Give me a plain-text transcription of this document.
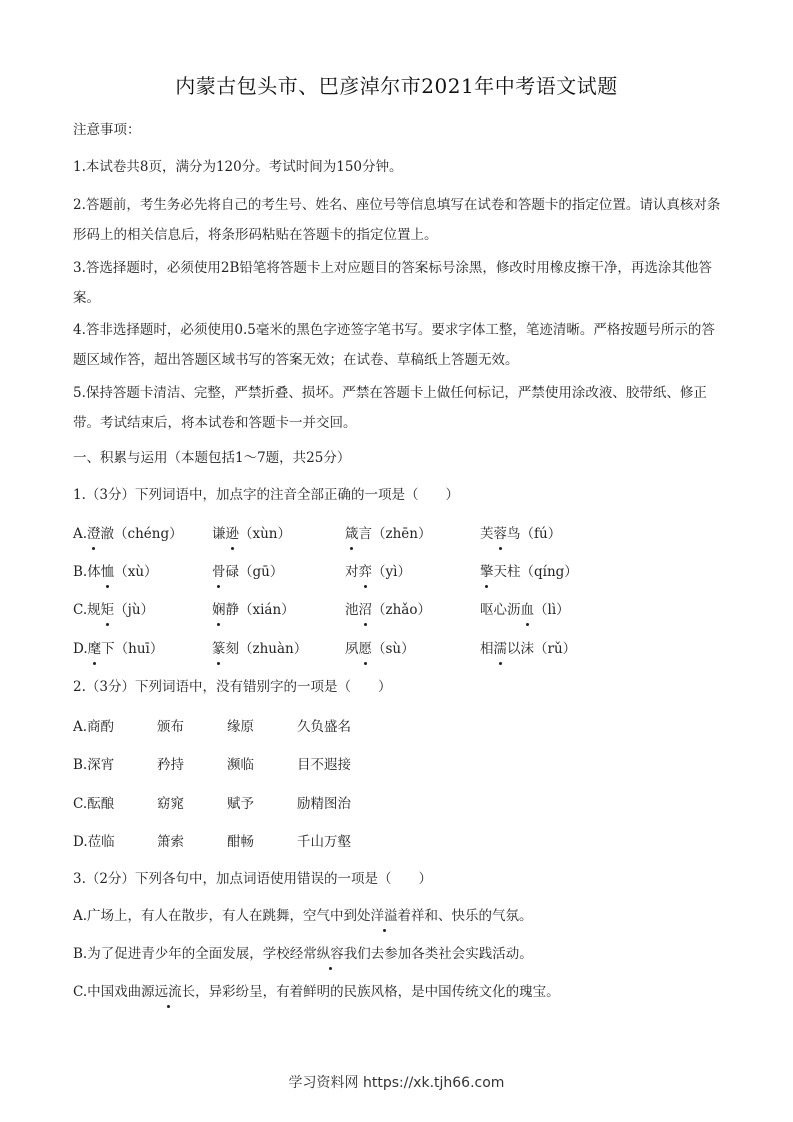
内蒙古包头市、巴彦淖尔市2021年中考语文试题
注意事项：
1.本试卷共8页，满分为120分。考试时间为150分钟。
2.答题前，考生务必先将自己的考生号、姓名、座位号等信息填写在试卷和答题卡的指定位置。请认真核对条形码上的相关信息后，将条形码粘贴在答题卡的指定位置上。
3.答选择题时，必须使用2B铅笔将答题卡上对应题目的答案标号涂黑，修改时用橡皮擦干净，再选涂其他答案。
4.答非选择题时，必须使用0.5毫米的黑色字迹签字笔书写。要求字体工整，笔迹清晰。严格按题号所示的答题区域作答，超出答题区域书写的答案无效；在试卷、草稿纸上答题无效。
5.保持答题卡清洁、完整，严禁折叠、损坏。严禁在答题卡上做任何标记，严禁使用涂改液、胶带纸、修正带。考试结束后，将本试卷和答题卡一并交回。
一、积累与运用（本题包括1～7题，共25分）
1.（3分）下列词语中，加点字的注音全部正确的一项是（　　）
A.澄澈（chéng） 谦逊（xùn）	箴言（zhēn）	芙蓉鸟（fú）
B.体恤（xù）	骨碌（gū）	对弈（yì）	擎天柱（qíng）
C.规矩（jù）	娴静（xián）	池沼（zhǎo）	呕心沥血（lì）
D.麾下（huī）	篆刻（zhuàn）	夙愿（sù）	相濡以沫（rǔ）
2.（3分）下列词语中，没有错别字的一项是（　　）
A.商酌	颁布	缘原	久负盛名
B.深宵	矜持	濒临	目不遐接
C.酝酿	窈窕	赋予	励精图治
D.莅临	箫索	酣畅	千山万壑
3.（2分）下列各句中，加点词语使用错误的一项是（　　）
A.广场上，有人在散步，有人在跳舞，空气中到处洋溢着祥和、快乐的气氛。
B.为了促进青少年的全面发展，学校经常纵容我们去参加各类社会实践活动。
C.中国戏曲源远流长，异彩纷呈，有着鲜明的民族风格，是中国传统文化的瑰宝。
学习资料网 https://xk.tjh66.com
